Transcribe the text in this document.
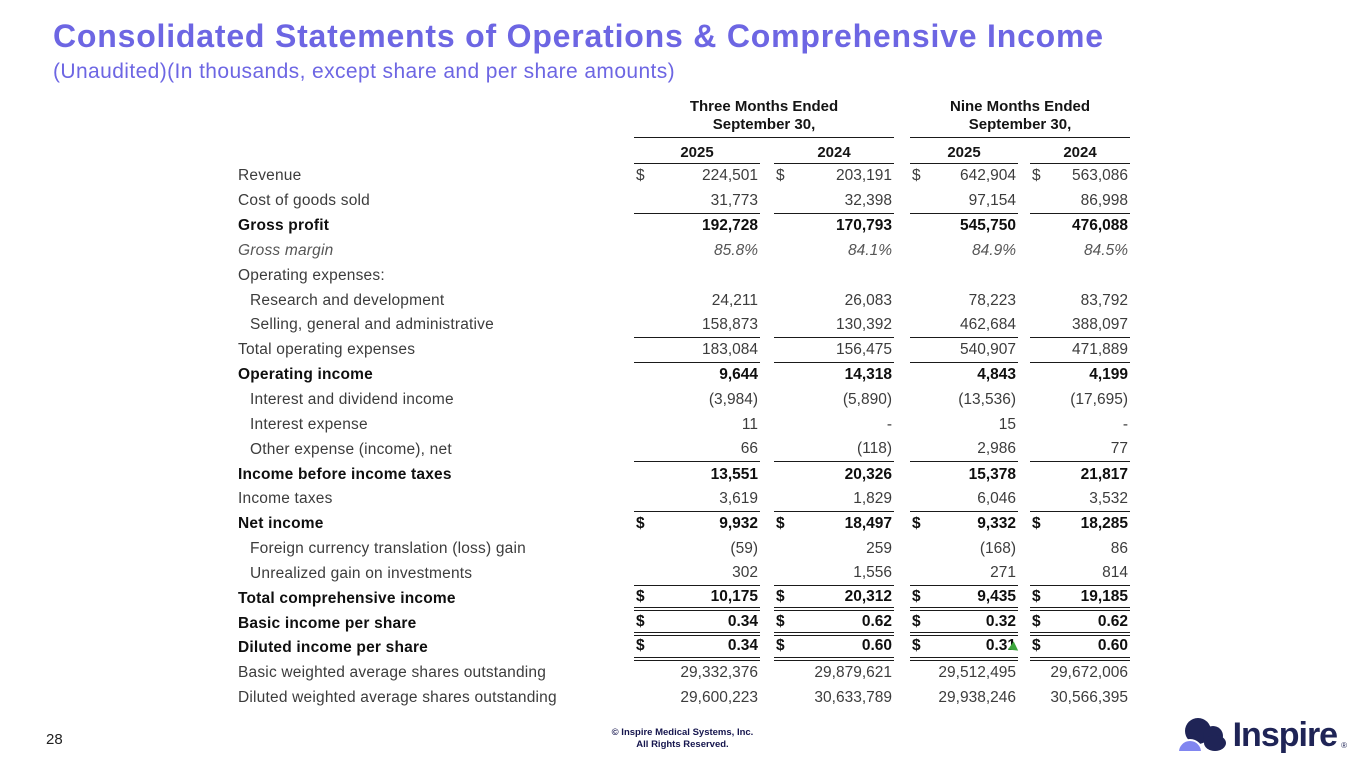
Consolidated Statements of Operations & Comprehensive Income
(Unaudited)(In thousands, except share and per share amounts)
Three Months Ended
September 30,
Nine Months Ended
September 30,
2025	2024	2025	2024
Revenue	$	224,501 $	203,191 $	642,904 $ 563,086
Cost of goods sold	31,773	32,398	97,154	86,998
Gross profit	192,728	170,793	545,750	476,088
Gross margin	85.8%	84.1%	84.9%	84.5%
Operating expenses:
Research and development	24,211	26,083	78,223	83,792
Selling, general and administrative	158,873	130,392	462,684	388,097
Total operating expenses	183,084	156,475	540,907	471,889
Operating income	9,644	14,318	4,843	4,199
Interest and dividend income	(3,984)	(5,890)	(13,536)	(17,695)
Interest expense	11	-	15	-
Other expense (income), net	66	(118)	2,986	77
Income before income taxes	13,551	20,326	15,378	21,817
Income taxes	3,619	1,829	6,046	3,532
Net income	$	9,932 $	18,497 $	9,332 $	18,285
Foreign currency translation (loss) gain	(59)	259	(168)	86
Unrealized gain on investments	302	1,556	271	814
Total comprehensive income	$	10,175 $	20,312 $	9,435 $	19,185
Basic income per share	$	0.34 $	0.62 $	0.32 $	0.62
Diluted income per share	$	0.34 $	0.60 $	0.31 $	0.60
Basic weighted average shares outstanding	29,332,376	29,879,621	29,512,495 29,672,006
Diluted weighted average shares outstanding	29,600,223	30,633,789	29,938,246 30,566,395
28	© Inspire Medical Systems, Inc.
All Rights Reserved.	Inspire ®
